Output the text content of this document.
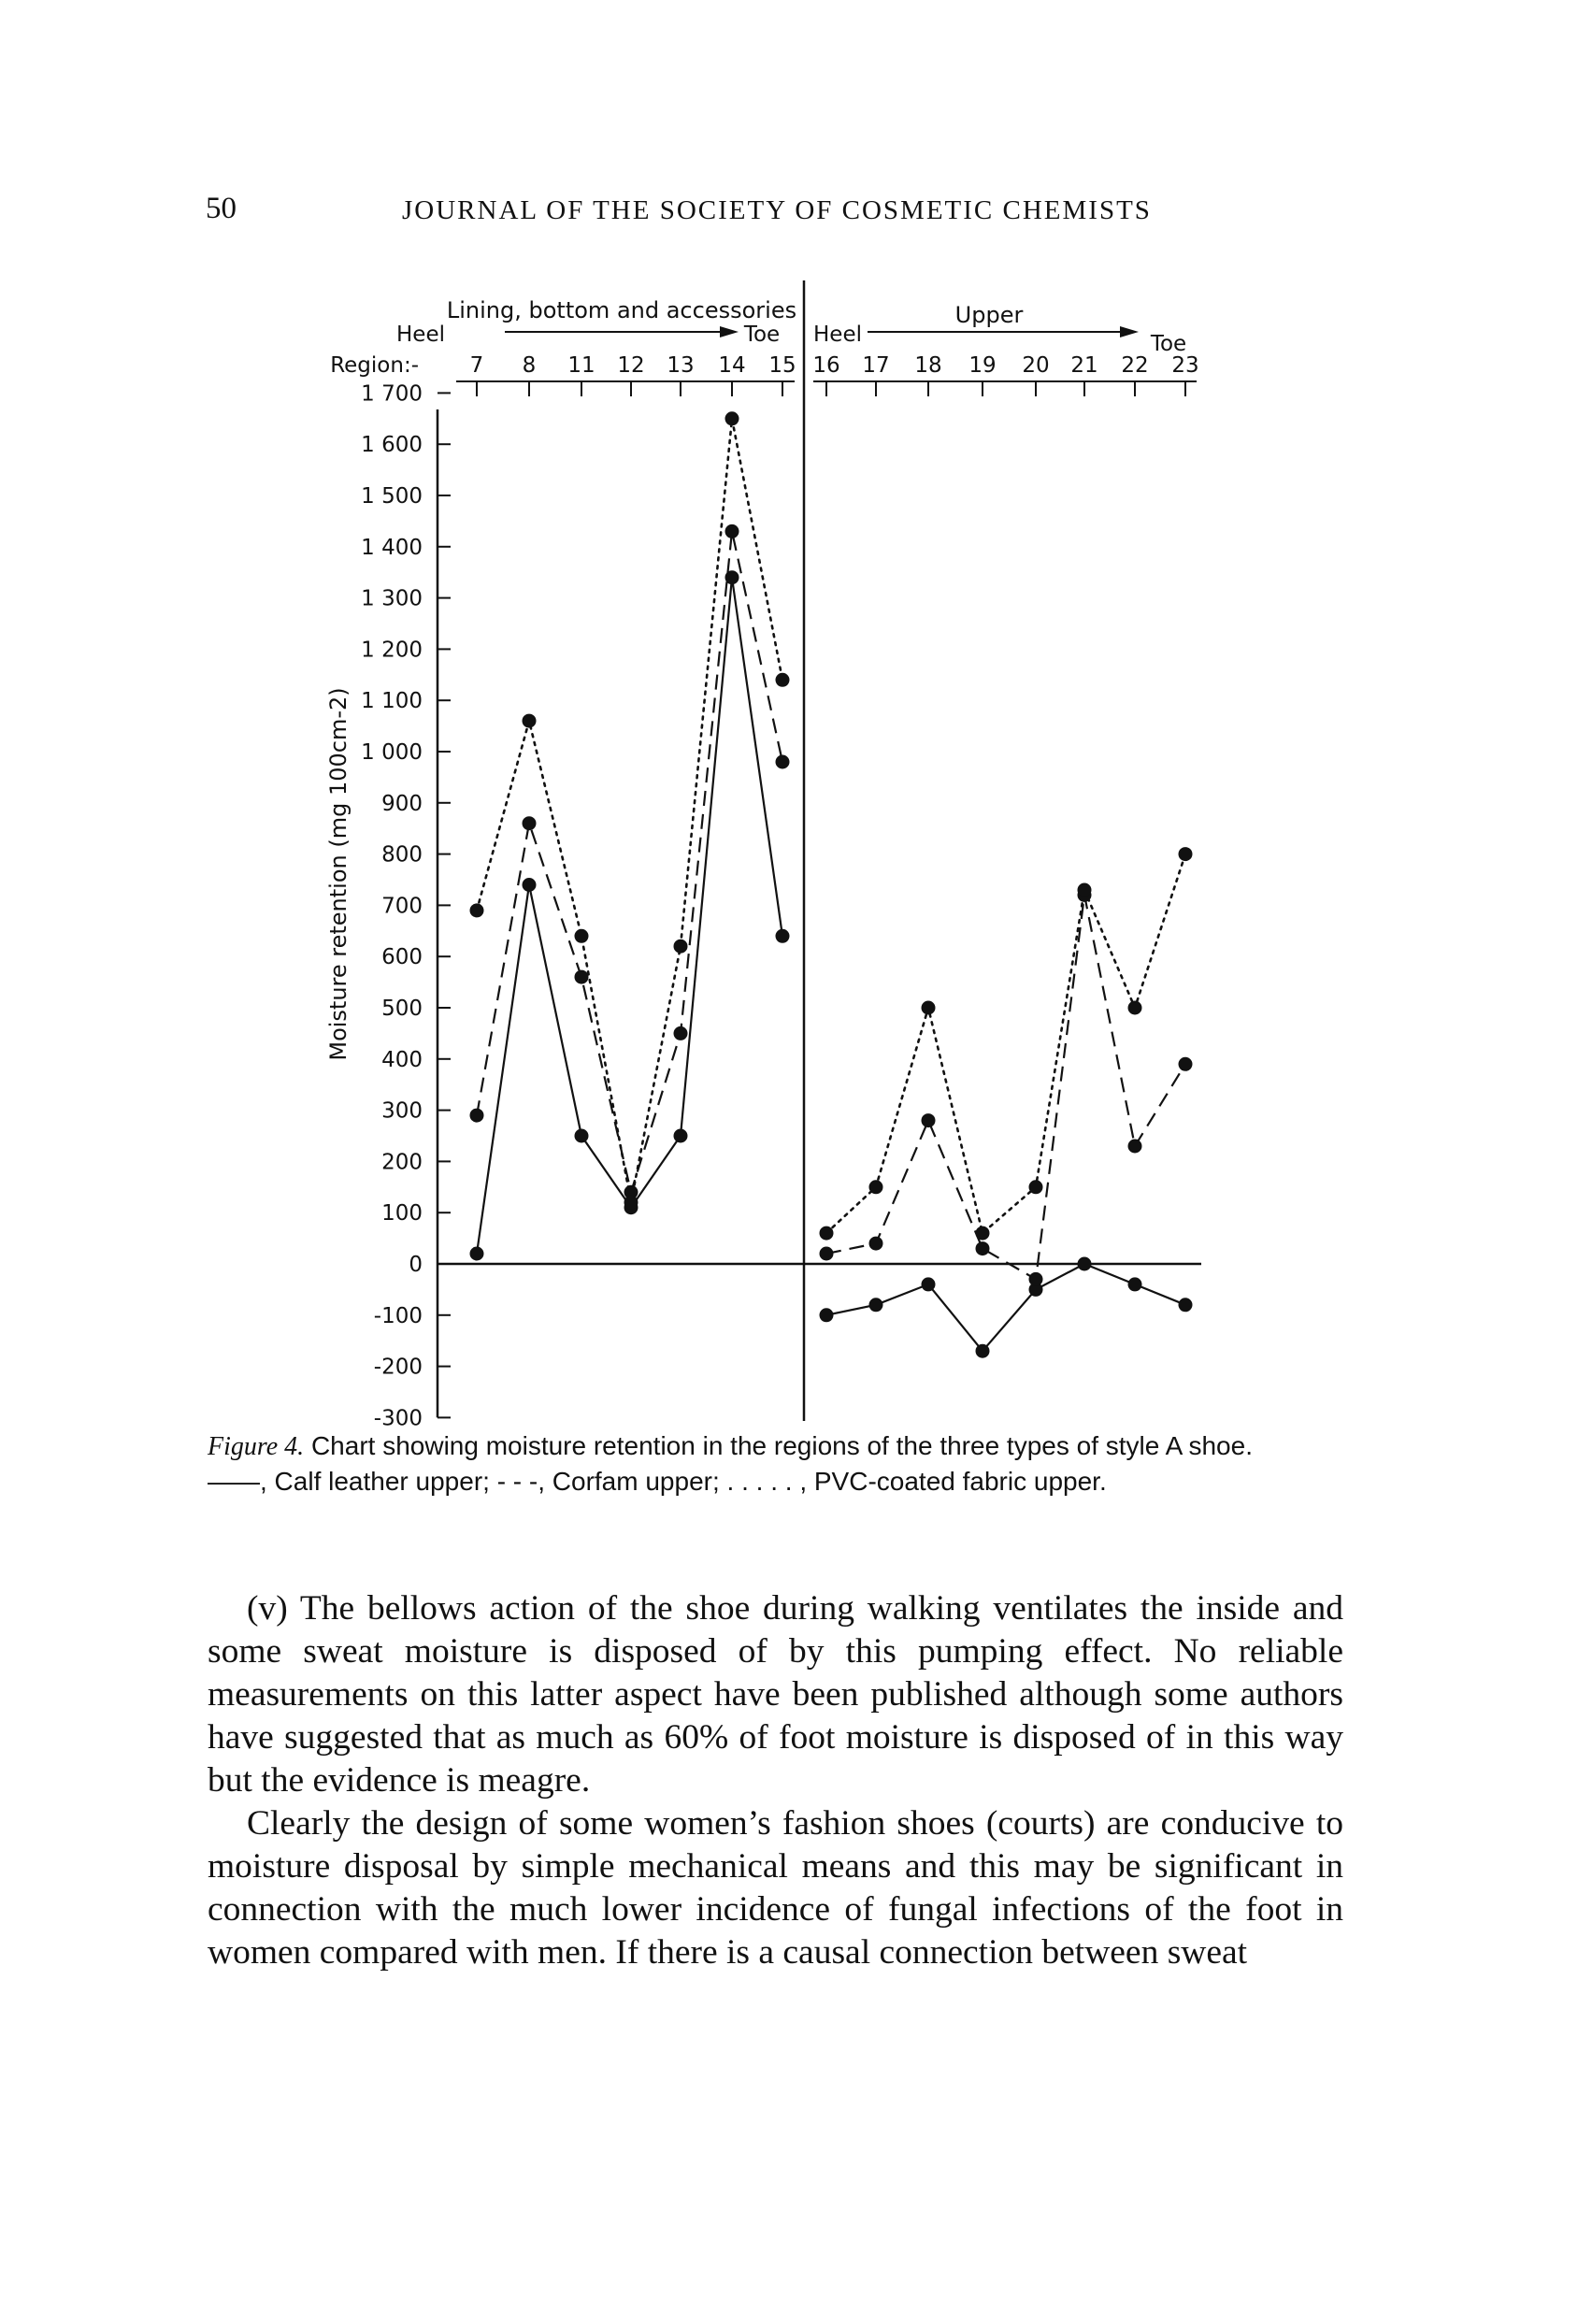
50	JOURNAL OF THE SOCIETY OF COSMETIC CHEMISTS
1 700
1 600
1 500
1 400
1 300
1 200
1 100
1 000
900
800
700
600
500
400
300
200
100
0
-100
-200
-300
7 8 11 12 13 14 15 16 17 18 19 20 21 22 23
Lining, bottom and accessories	Upper
Heel	Toe Heel	Toe
Region:-
Moisture retention (mg 100cm-2)
Figure 4. Chart showing moisture retention in the regions of the three types of style A shoe. ——, Calf leather upper; - - -, Corfam upper; . . . . . , PVC-coated fabric upper.

(v) The bellows action of the shoe during walking ventilates the inside and some sweat moisture is disposed of by this pumping effect. No reliable measurements on this latter aspect have been published although some authors have suggested that as much as 60% of foot moisture is disposed of in this way but the evidence is meagre.

Clearly the design of some women’s fashion shoes (courts) are conducive to moisture disposal by simple mechanical means and this may be significant in connection with the much lower incidence of fungal infections of the foot in women compared with men. If there is a causal connection between sweat
